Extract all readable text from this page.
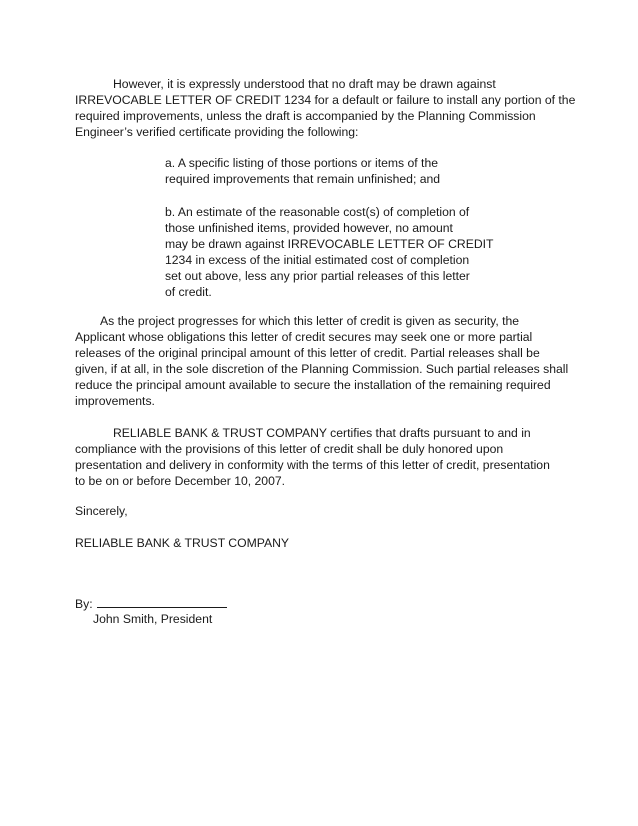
However, it is expressly understood that no draft may be drawn against
IRREVOCABLE LETTER OF CREDIT 1234 for a default or failure to install any portion of the
required improvements, unless the draft is accompanied by the Planning Commission
Engineer’s verified certificate providing the following:

a. A specific listing of those portions or items of the
required improvements that remain unfinished; and

b. An estimate of the reasonable cost(s) of completion of
those unfinished items, provided however, no amount
may be drawn against IRREVOCABLE LETTER OF CREDIT
1234 in excess of the initial estimated cost of completion
set out above, less any prior partial releases of this letter
of credit.

As the project progresses for which this letter of credit is given as security, the
Applicant whose obligations this letter of credit secures may seek one or more partial
releases of the original principal amount of this letter of credit. Partial releases shall be
given, if at all, in the sole discretion of the Planning Commission. Such partial releases shall
reduce the principal amount available to secure the installation of the remaining required
improvements.

RELIABLE BANK & TRUST COMPANY certifies that drafts pursuant to and in
compliance with the provisions of this letter of credit shall be duly honored upon
presentation and delivery in conformity with the terms of this letter of credit, presentation
to be on or before December 10, 2007.

Sincerely,

RELIABLE BANK & TRUST COMPANY

By:

John Smith, President
